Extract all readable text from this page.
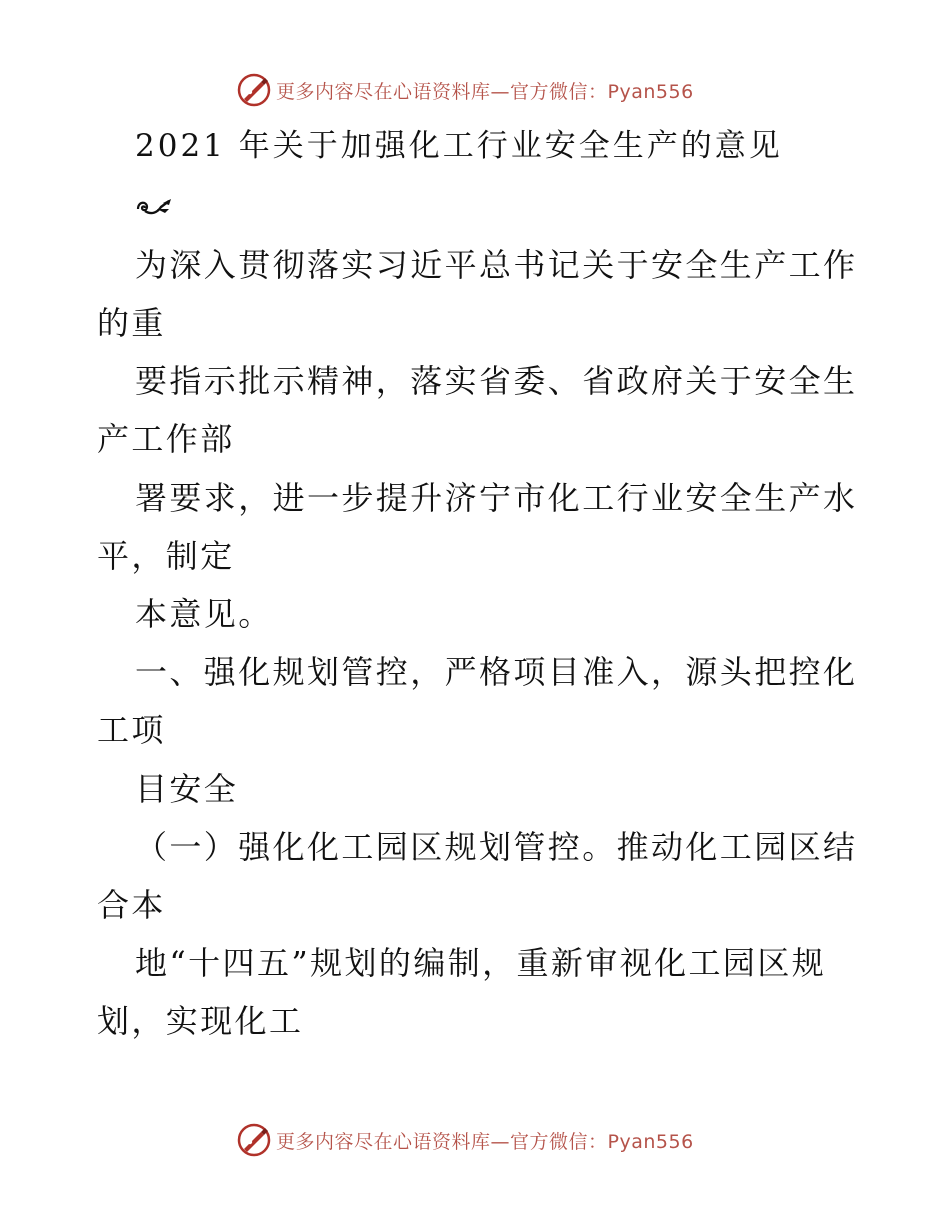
更多内容尽在心语资料库—官方微信：Pyan556
2021 年关于加强化工行业安全生产的意见
为深入贯彻落实习近平总书记关于安全生产工作
的重
要指示批示精神，落实省委、省政府关于安全生
产工作部
署要求，进一步提升济宁市化工行业安全生产水
平，制定
本意见。
一、强化规划管控，严格项目准入，源头把控化
工项
目安全
（一）强化化工园区规划管控。推动化工园区结
合本
地“十四五”规划的编制，重新审视化工园区规
划，实现化工
更多内容尽在心语资料库—官方微信：Pyan556
